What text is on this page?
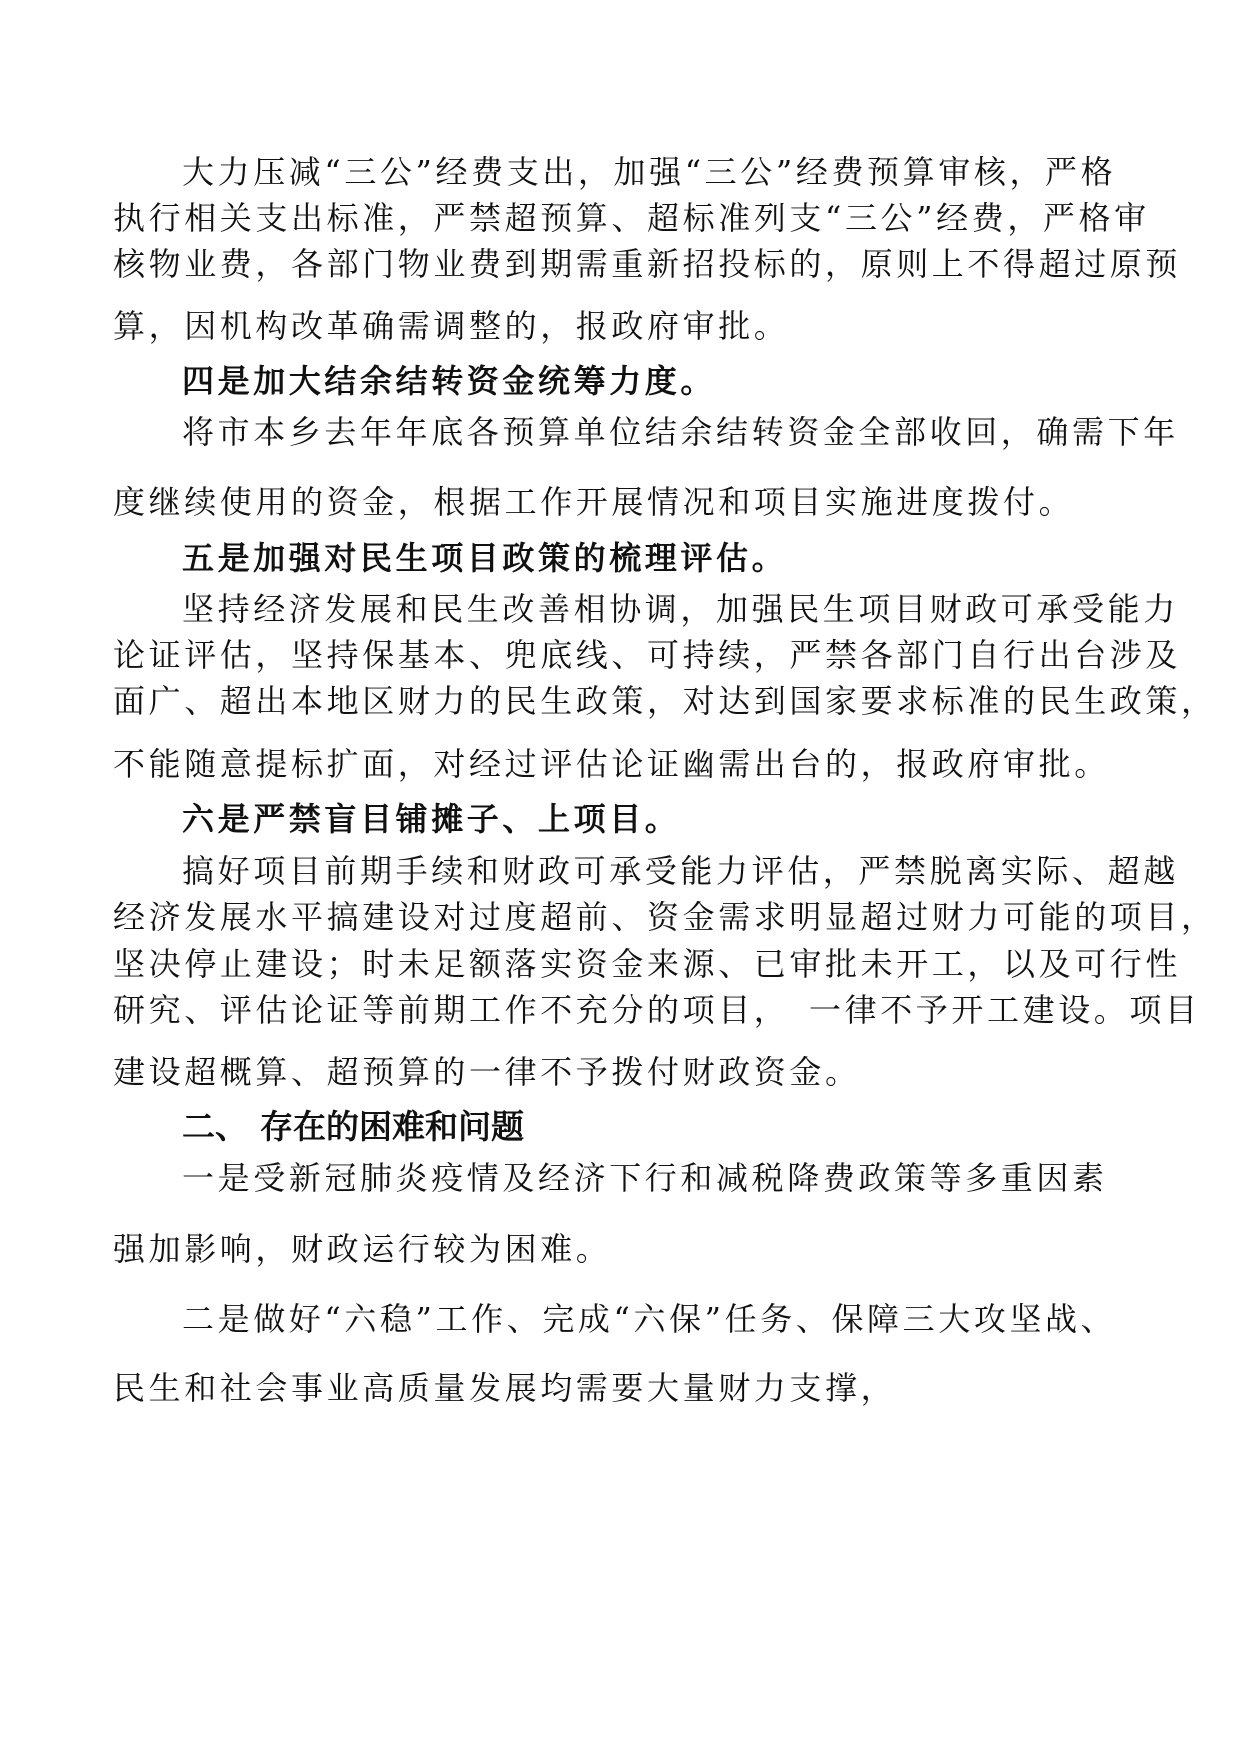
大力压减“三公”经费支出，加强“三公”经费预算审核，严格
执行相关支出标准，严禁超预算、超标准列支“三公”经费，严格审
核物业费，各部门物业费到期需重新招投标的，原则上不得超过原预
算，因机构改革确需调整的，报政府审批。
四是加大结余结转资金统筹力度。
将市本乡去年年底各预算单位结余结转资金全部收回，确需下年
度继续使用的资金，根据工作开展情况和项目实施进度拨付。
五是加强对民生项目政策的梳理评估。
坚持经济发展和民生改善相协调，加强民生项目财政可承受能力
论证评估，坚持保基本、兜底线、可持续，严禁各部门自行出台涉及
面广、超出本地区财力的民生政策，对达到国家要求标准的民生政策，
不能随意提标扩面，对经过评估论证幽需出台的，报政府审批。
六是严禁盲目铺摊子、上项目。
搞好项目前期手续和财政可承受能力评估，严禁脱离实际、超越
经济发展水平搞建设对过度超前、资金需求明显超过财力可能的项目，
坚决停止建设；时未足额落实资金来源、已审批未开工，以及可行性
研究、评估论证等前期工作不充分的项目，　一律不予开工建设。项目
建设超概算、超预算的一律不予拨付财政资金。
二、 存在的困难和问题
一是受新冠肺炎疫情及经济下行和减税降费政策等多重因素
强加影响，财政运行较为困难。
二是做好“六稳”工作、完成“六保”任务、保障三大攻坚战、
民生和社会事业高质量发展均需要大量财力支撑，
